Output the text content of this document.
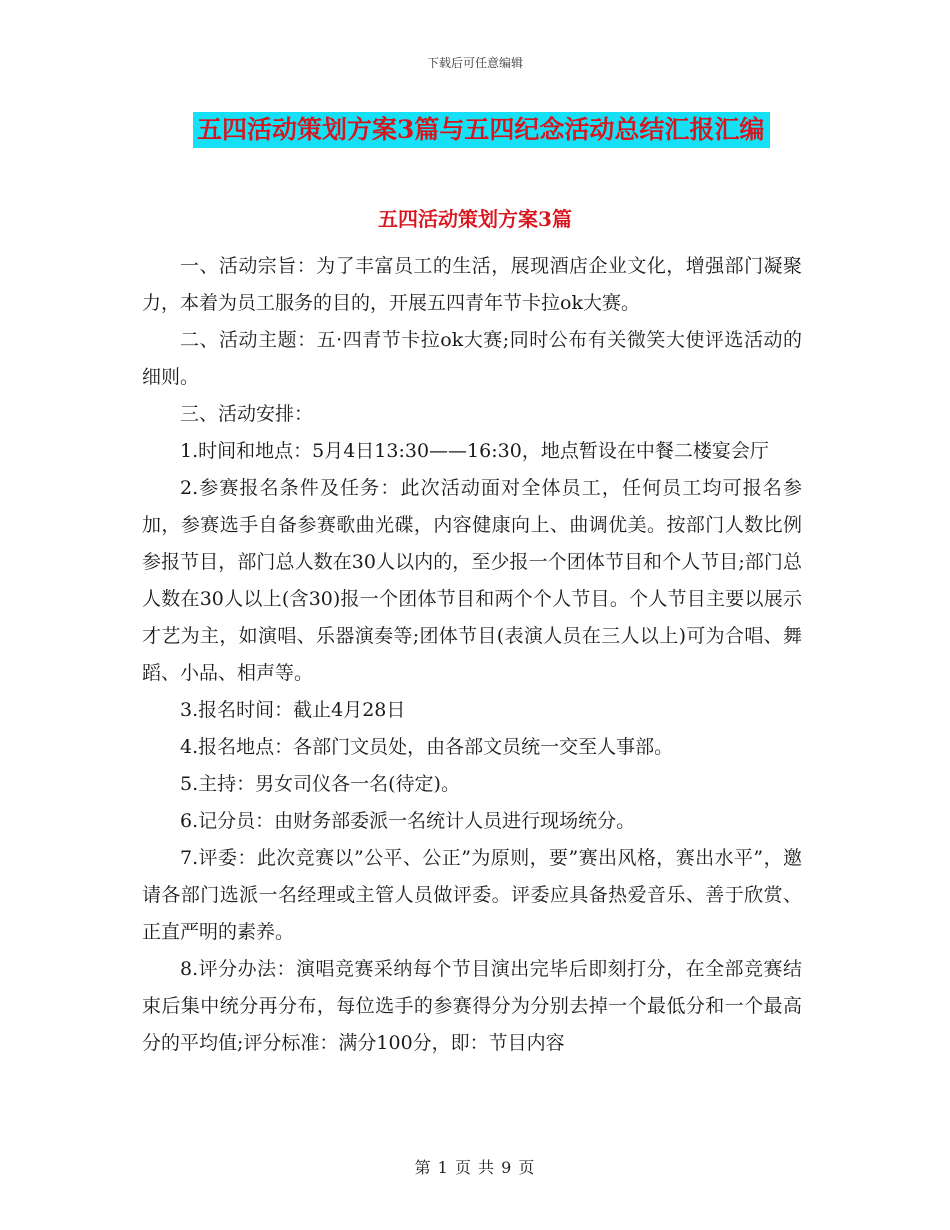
下载后可任意编辑
五四活动策划方案3篇与五四纪念活动总结汇报汇编
五四活动策划方案3篇

一、活动宗旨：为了丰富员工的生活，展现酒店企业文化，增强部门凝聚力，本着为员工服务的目的，开展五四青年节卡拉ok大赛。

二、活动主题：五·四青节卡拉ok大赛;同时公布有关微笑大使评选活动的细则。

三、活动安排：

1.时间和地点：5月4日13:30——16:30，地点暂设在中餐二楼宴会厅

2.参赛报名条件及任务：此次活动面对全体员工，任何员工均可报名参加，参赛选手自备参赛歌曲光碟，内容健康向上、曲调优美。按部门人数比例参报节目，部门总人数在30人以内的，至少报一个团体节目和个人节目;部门总人数在30人以上(含30)报一个团体节目和两个个人节目。个人节目主要以展示才艺为主，如演唱、乐器演奏等;团体节目(表演人员在三人以上)可为合唱、舞蹈、小品、相声等。

3.报名时间：截止4月28日

4.报名地点：各部门文员处，由各部文员统一交至人事部。

5.主持：男女司仪各一名(待定)。

6.记分员：由财务部委派一名统计人员进行现场统分。

7.评委：此次竞赛以”公平、公正”为原则，要”赛出风格，赛出水平”，邀请各部门选派一名经理或主管人员做评委。评委应具备热爱音乐、善于欣赏、正直严明的素养。

8.评分办法：演唱竞赛采纳每个节目演出完毕后即刻打分，在全部竞赛结束后集中统分再分布，每位选手的参赛得分为分别去掉一个最低分和一个最高分的平均值;评分标准：满分100分，即：节目内容

第 1 页 共 9 页
